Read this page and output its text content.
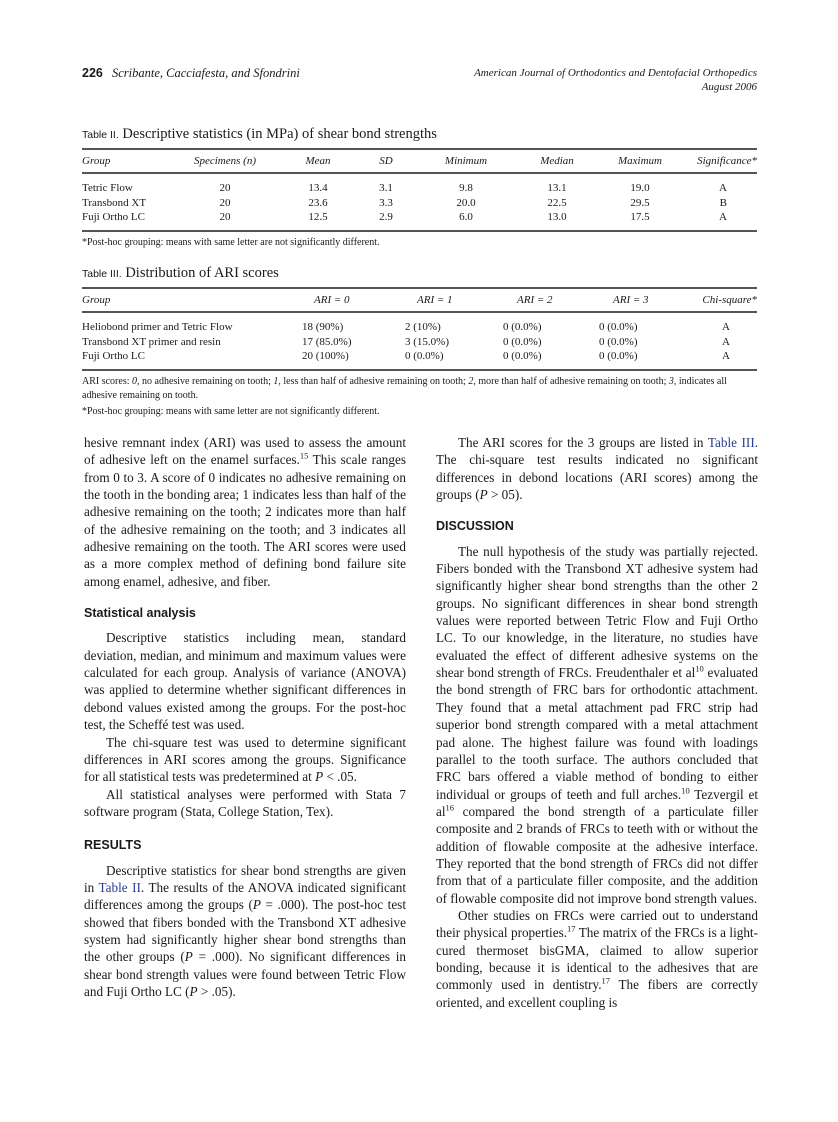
226 Scribante, Cacciafesta, and Sfondrini	American Journal of Orthodontics and Dentofacial Orthopedics
August 2006
Table II. Descriptive statistics (in MPa) of shear bond strengths
Group	Specimens (n)	Mean	SD	Minimum	Median	Maximum	Significance*
Tetric Flow	20	13.4	3.1	9.8	13.1	19.0	A
Transbond XT	20	23.6	3.3	20.0	22.5	29.5	B
Fuji Ortho LC	20	12.5	2.9	6.0	13.0	17.5	A
*Post-hoc grouping: means with same letter are not significantly different.
Table III. Distribution of ARI scores
Group	ARI = 0	ARI = 1	ARI = 2	ARI = 3	Chi-square*
Heliobond primer and Tetric Flow	18 (90%)	2 (10%)	0 (0.0%)	0 (0.0%)	A
Transbond XT primer and resin	17 (85.0%)	3 (15.0%)	0 (0.0%)	0 (0.0%)	A
Fuji Ortho LC	20 (100%)	0 (0.0%)	0 (0.0%)	0 (0.0%)	A
ARI scores: 0, no adhesive remaining on tooth; 1, less than half of adhesive remaining on tooth; 2, more than half of adhesive remaining on tooth; 3, indicates all adhesive remaining on tooth.
*Post-hoc grouping: means with same letter are not significantly different.

hesive remnant index (ARI) was used to assess the amount of adhesive left on the enamel surfaces.$^{15}$ This scale ranges from 0 to 3. A score of 0 indicates no adhesive remaining on the tooth in the bonding area; 1 indicates less than half of the adhesive remaining on the tooth; 2 indicates more than half of the adhesive remaining on the tooth; and 3 indicates all adhesive remaining on the tooth. The ARI scores were used as a more complex method of defining bond failure site among enamel, adhesive, and fiber.

Statistical analysis

Descriptive statistics including mean, standard deviation, median, and minimum and maximum values were calculated for each group. Analysis of variance (ANOVA) was applied to determine whether significant differences in debond values existed among the groups. For the post-hoc test, the Scheffé test was used.

The chi-square test was used to determine significant differences in ARI scores among the groups. Significance for all statistical tests was predetermined at P < .05.

All statistical analyses were performed with Stata 7 software program (Stata, College Station, Tex).

RESULTS

Descriptive statistics for shear bond strengths are given in Table II. The results of the ANOVA indicated significant differences among the groups (P = .000). The post-hoc test showed that fibers bonded with the Transbond XT adhesive system had significantly higher shear bond strengths than the other groups (P = .000). No significant differences in shear bond strength values were found between Tetric Flow and Fuji Ortho LC (P > .05).

The ARI scores for the 3 groups are listed in Table III. The chi-square test results indicated no significant differences in debond locations (ARI scores) among the groups (P > 05).

DISCUSSION

The null hypothesis of the study was partially rejected. Fibers bonded with the Transbond XT adhesive system had significantly higher shear bond strengths than the other 2 groups. No significant differences in shear bond strength values were reported between Tetric Flow and Fuji Ortho LC. To our knowledge, in the literature, no studies have evaluated the effect of different adhesive systems on the shear bond strength of FRCs. Freudenthaler et $al^{10}$ evaluated the bond strength of FRC bars for orthodontic attachment. They found that a metal attachment pad FRC strip had superior bond strength compared with a metal attachment pad alone. The highest failure was found with loadings parallel to the tooth surface. The authors concluded that FRC bars offered a viable method of bonding to either individual or groups of teeth and full arches.$^{10}$ Tezvergil et $al^{16}$ compared the bond strength of a particulate filler composite and 2 brands of FRCs to teeth with or without the addition of flowable composite at the adhesive interface. They reported that the bond strength of FRCs did not differ from that of a particulate filler composite, and the addition of flowable composite did not improve bond strength values.

Other studies on FRCs were carried out to understand their physical properties.$^{17}$ The matrix of the FRCs is a light-cured thermoset bisGMA, claimed to allow superior bonding, because it is identical to the adhesives that are commonly used in dentistry.$^{17}$ The fibers are correctly oriented, and excellent coupling is
